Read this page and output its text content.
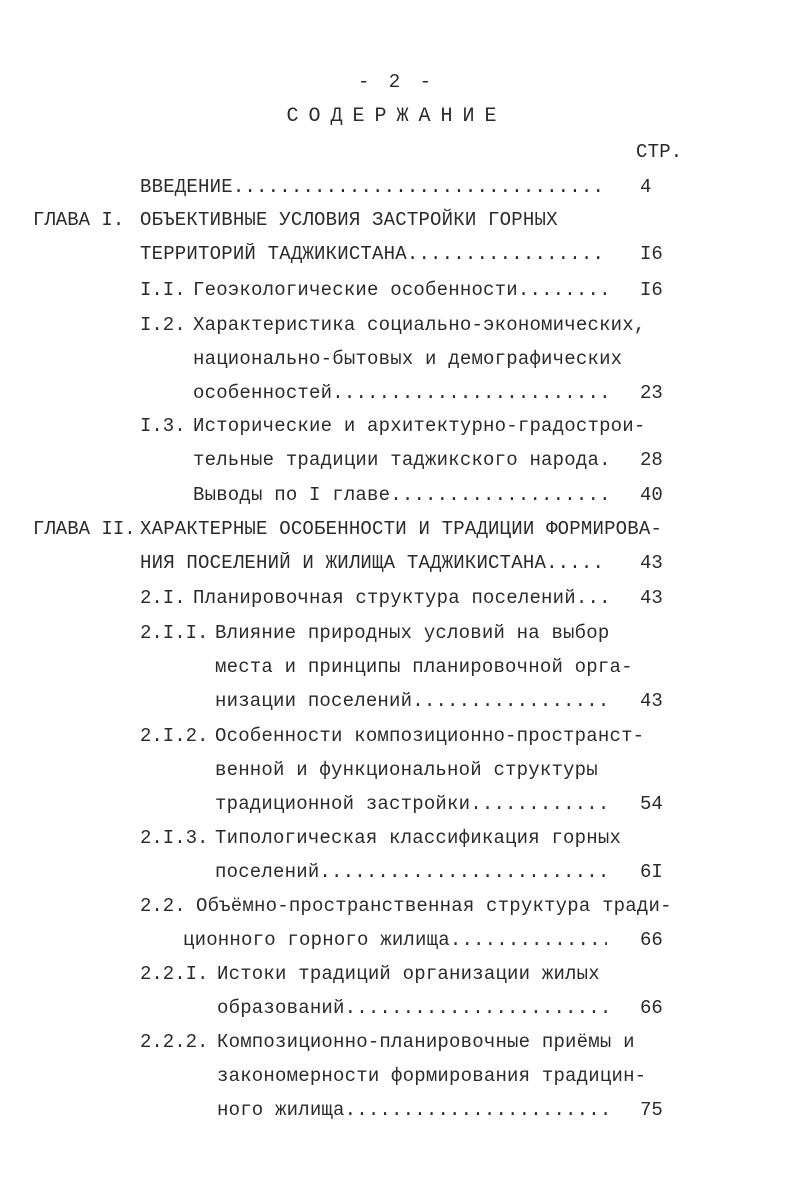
- 2 -
СОДЕРЖАНИЕ
СТР.
ВВЕДЕНИЕ .....	4
ГЛАВА I. ОБЪЕКТИВНЫЕ УСЛОВИЯ ЗАСТРОЙКИ ГОРНЫХ
ТЕРРИТОРИЙ ТАДЖИКИСТАНА .....	I6
I.I. Геоэкологические особенности .....	I6
I.2. Характеристика социально-экономических,
национально-бытовых и демографических
особенностей .....	23
I.3. Исторические и архитектурно-градострои-
тельные традиции таджикского народа .....	28
Выводы по I главе .....	40
ГЛАВА II. ХАРАКТЕРНЫЕ ОСОБЕННОСТИ И ТРАДИЦИИ ФОРМИРОВА-
НИЯ ПОСЕЛЕНИЙ И ЖИЛИЩА ТАДЖИКИСТАНА .....	43
2.I. Планировочная структура поселений .....	43
2.I.I. Влияние природных условий на выбор
места и принципы планировочной орга-
низации поселений .....	43
2.I.2. Особенности композиционно-пространст-
венной и функциональной структуры
традиционной застройки .....	54
2.I.3. Типологическая классификация горных
поселений .....	6I
2.2. Объёмно-пространственная структура тради-
ционного горного жилища .....	66
2.2.I. Истоки традиций организации жилых
образований .....	66
2.2.2. Композиционно-планировочные приёмы и
закономерности формирования традицин-
ного жилища .....	75
